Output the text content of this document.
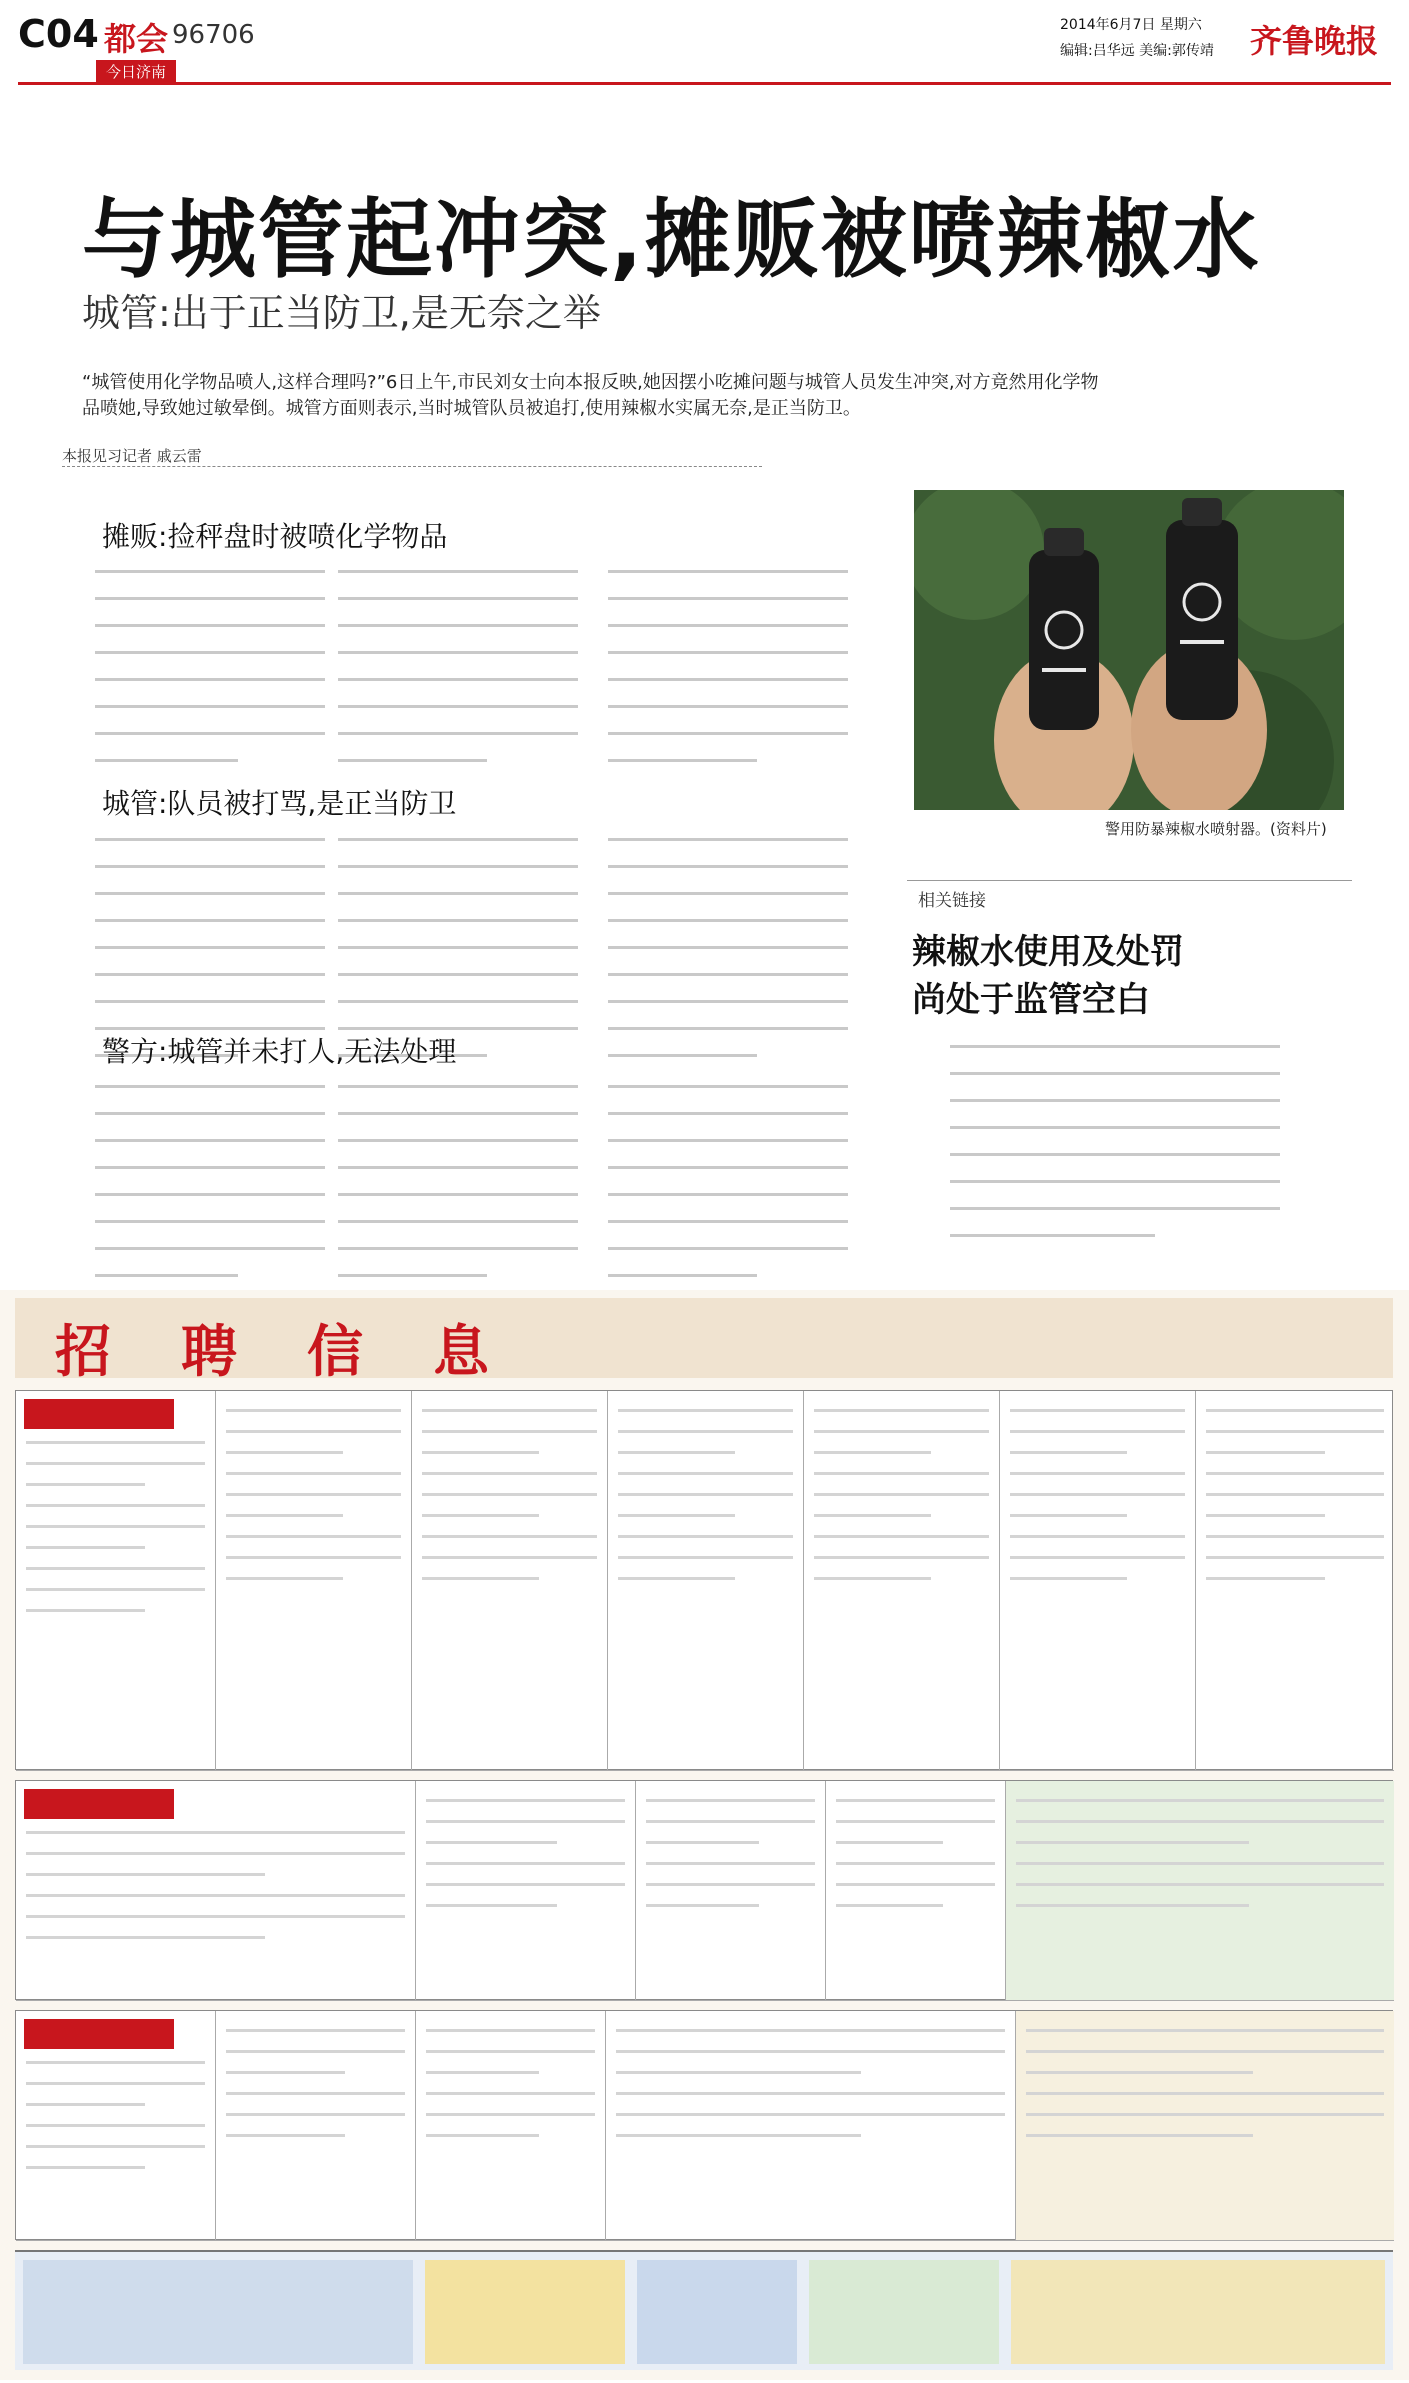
C04 都会 96706
今日济南
2014年6月7日 星期六
编辑:吕华远 美编:郭传靖 齐鲁晚报
与城管起冲突,摊贩被喷辣椒水
城管:出于正当防卫,是无奈之举
“城管使用化学物品喷人,这样合理吗?”6日上午,市民刘女士向本报反映,她因摆小吃摊问题与城管人员发生冲突,对方竟然用化学物品喷她,导致她过敏晕倒。城管方面则表示,当时城管队员被追打,使用辣椒水实属无奈,是正当防卫。
本报见习记者 戚云雷
摊贩:捡秤盘时被喷化学物品
城管:队员被打骂,是正当防卫
警方:城管并未打人,无法处理
警用防暴辣椒水喷射器。(资料片)
相关链接
辣椒水使用及处罚
尚处于监管空白
招聘信息
